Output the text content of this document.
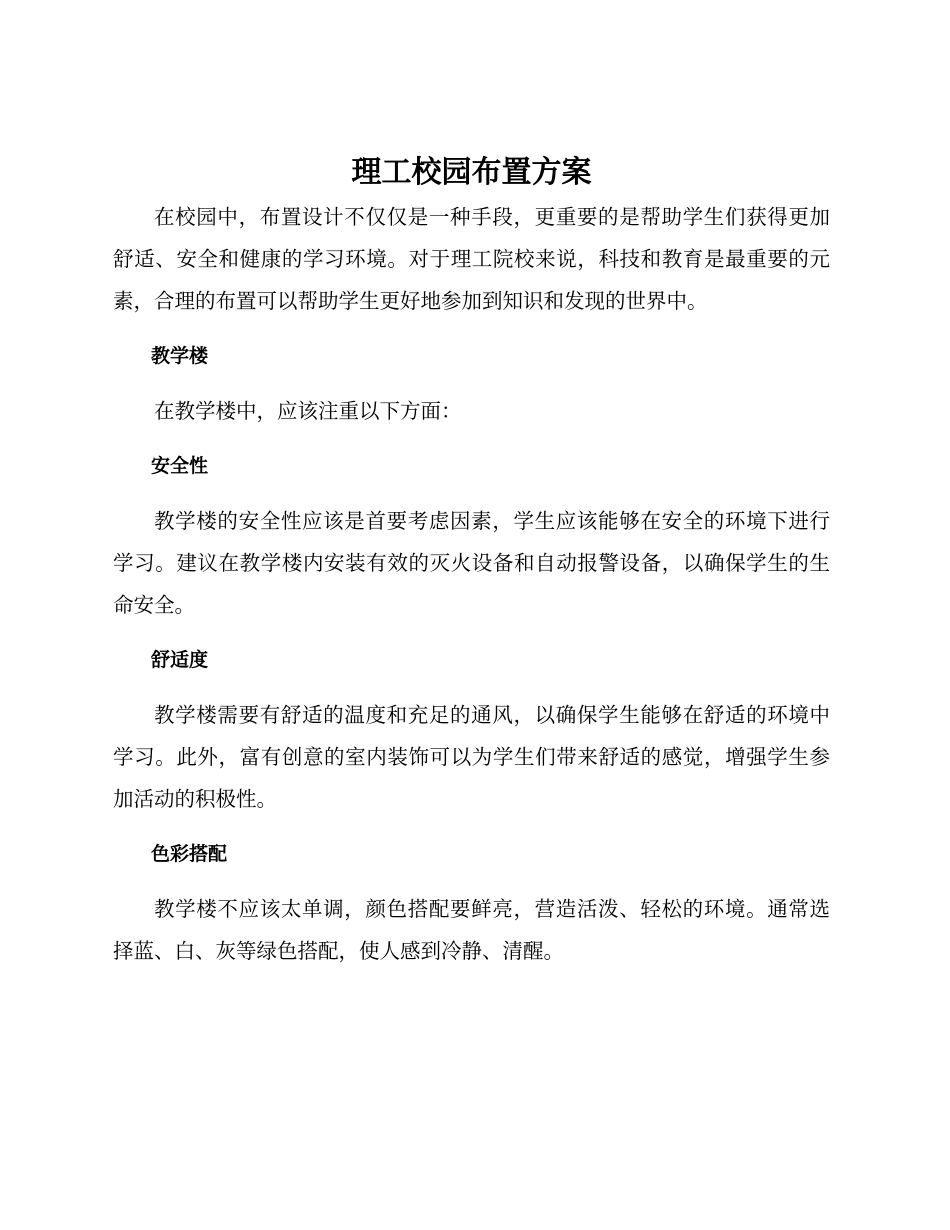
理工校园布置方案

在校园中，布置设计不仅仅是一种手段，更重要的是帮助学生们获得更加舒适、安全和健康的学习环境。对于理工院校来说，科技和教育是最重要的元素，合理的布置可以帮助学生更好地参加到知识和发现的世界中。

教学楼

在教学楼中，应该注重以下方面：

安全性

教学楼的安全性应该是首要考虑因素，学生应该能够在安全的环境下进行学习。建议在教学楼内安装有效的灭火设备和自动报警设备，以确保学生的生命安全。

舒适度

教学楼需要有舒适的温度和充足的通风，以确保学生能够在舒适的环境中学习。此外，富有创意的室内装饰可以为学生们带来舒适的感觉，增强学生参加活动的积极性。

色彩搭配

教学楼不应该太单调，颜色搭配要鲜亮，营造活泼、轻松的环境。通常选择蓝、白、灰等绿色搭配，使人感到冷静、清醒。
